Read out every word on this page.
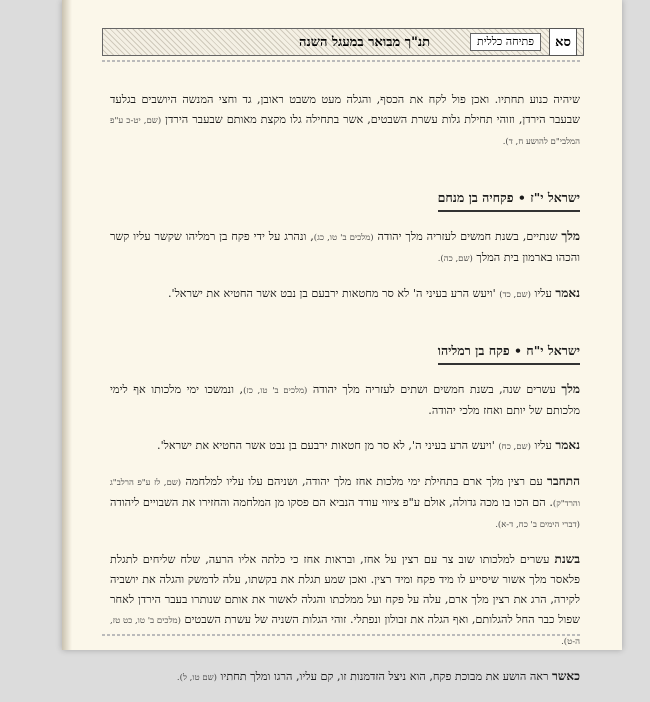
סא
פתיחה כללית
תנ"ך מבואר במעגל השנה

שיהיה כנוע תחתיו. ואכן פול לקח את הכסף, והגלה מעט משבט ראובן, גד וחצי המנשה היושבים בגלעד שבעבר הירדן, וזוהי תחילת גלות עשרת השבטים, אשר בתחילה גלו מקצת מאותם שבעבר הירדן (שם, יט-כ ע"פ המלבי"ם להושע ח, ד).

ישראל י"ז • פקחיה בן מנחם

מלך שנתיים, בשנת חמשים לעזריה מלך יהודה (מלכים ב' טו, כג), ונהרג על ידי פקח בן רמליהו שקשר עליו קשר והכהו בארמון בית המלך (שם, כה).

נאמר עליו (שם, כד) 'ויעש הרע בעיני ה' לא סר מחטאות ירבעם בן נבט אשר החטיא את ישראל'.

ישראל י"ח • פקח בן רמליהו

מלך עשרים שנה, בשנת חמשים ושתים לעזריה מלך יהודה (מלכים ב' טו, כז), ונמשכו ימי מלכותו אף לימי מלכותם של יותם ואחז מלכי יהודה.

נאמר עליו (שם, כח) 'ויעש הרע בעיני ה', לא סר מן חטאות ירבעם בן נבט אשר החטיא את ישראל'.

התחבר עם רצין מלך ארם בתחילת ימי מלכות אחז מלך יהודה, ושניהם עלו עליו למלחמה (שם, לז ע"פ הרלב"ג והרד"ק). הם הכו בו מכה גדולה, אולם ע"פ ציווי עודד הנביא הם פסקו מן המלחמה והחזירו את השבויים ליהודה (דברי הימים ב' כח, ד-א).

בשנת עשרים למלכותו שוב צר עם רצין על אחז, ובראות אחז כי כלתה אליו הרעה, שלח שליחים לתגלת פלאסר מלך אשור שיסייע לו מיד פקח ומיד רצין. ואכן שמע תגלת את בקשתו, עלה לדמשק והגלה את יושביה לקירה, הרג את רצין מלך ארם, עלה על פקח ועל ממלכתו והגלה לאשור את אותם שנותרו בעבר הירדן לאחר שפול כבר החל להגלותם, ואף הגלה את זבולון ונפתלי. זוהי הגלות השניה של עשרת השבטים (מלכים ב' טו, כט טז, ה-ט).

כאשר ראה הושע את מבוכת פקח, הוא ניצל הזדמנות זו, קם עליו, הרגו ומלך תחתיו (שם טו, ל).
